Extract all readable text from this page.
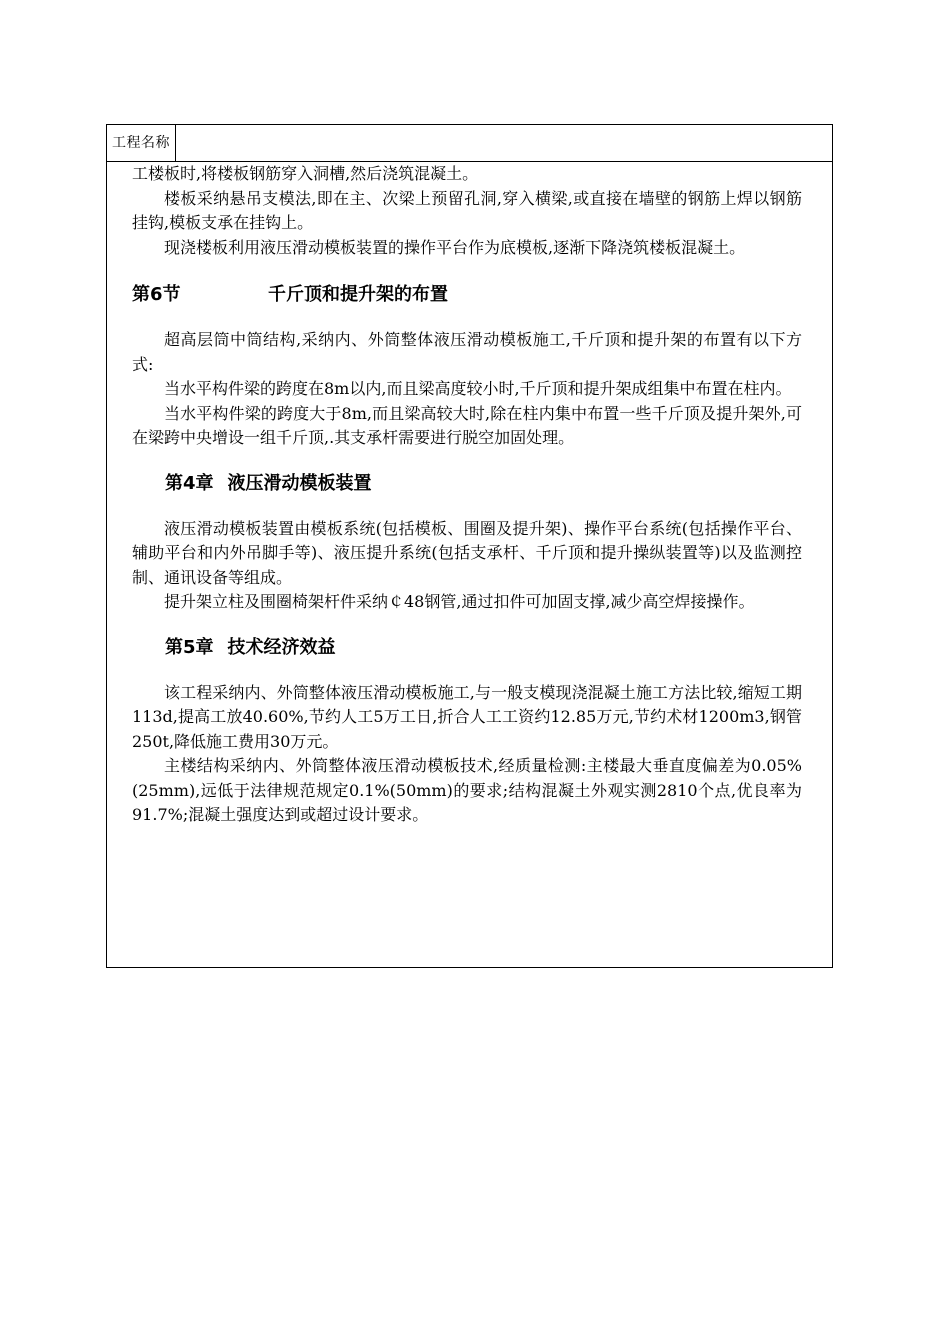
工程名称

工楼板时,将楼板钢筋穿入洞槽,然后浇筑混凝土。

楼板采纳悬吊支模法,即在主、次梁上预留孔洞,穿入横梁,或直接在墙壁的钢筋上焊以钢筋挂钩,模板支承在挂钩上。

现浇楼板利用液压滑动模板装置的操作平台作为底模板,逐渐下降浇筑楼板混凝土。

第6节	千斤顶和提升架的布置

超高层筒中筒结构,采纳内、外筒整体液压滑动模板施工,千斤顶和提升架的布置有以下方式:

当水平构件梁的跨度在8m以内,而且梁高度较小时,千斤顶和提升架成组集中布置在柱内。

当水平构件梁的跨度大于8m,而且梁高较大时,除在柱内集中布置一些千斤顶及提升架外,可在梁跨中央增设一组千斤顶,.其支承杆需要进行脱空加固处理。

第4章 液压滑动模板装置

液压滑动模板装置由模板系统(包括模板、围圈及提升架)、操作平台系统(包括操作平台、辅助平台和内外吊脚手等)、液压提升系统(包括支承杆、千斤顶和提升操纵装置等)以及监测控制、通讯设备等组成。

提升架立柱及围圈椅架杆件采纳￠48钢管,通过扣件可加固支撑,减少高空焊接操作。

第5章 技术经济效益

该工程采纳内、外筒整体液压滑动模板施工,与一般支模现浇混凝土施工方法比较,缩短工期113d,提高工放40.60%,节约人工5万工日,折合人工工资约12.85万元,节约术材1200m3,钢管250t,降低施工费用30万元。

主楼结构采纳内、外筒整体液压滑动模板技术,经质量检测:主楼最大垂直度偏差为0.05%(25mm),远低于法律规范规定0.1%(50mm)的要求;结构混凝土外观实测2810个点,优良率为91.7%;混凝土强度达到或超过设计要求。
